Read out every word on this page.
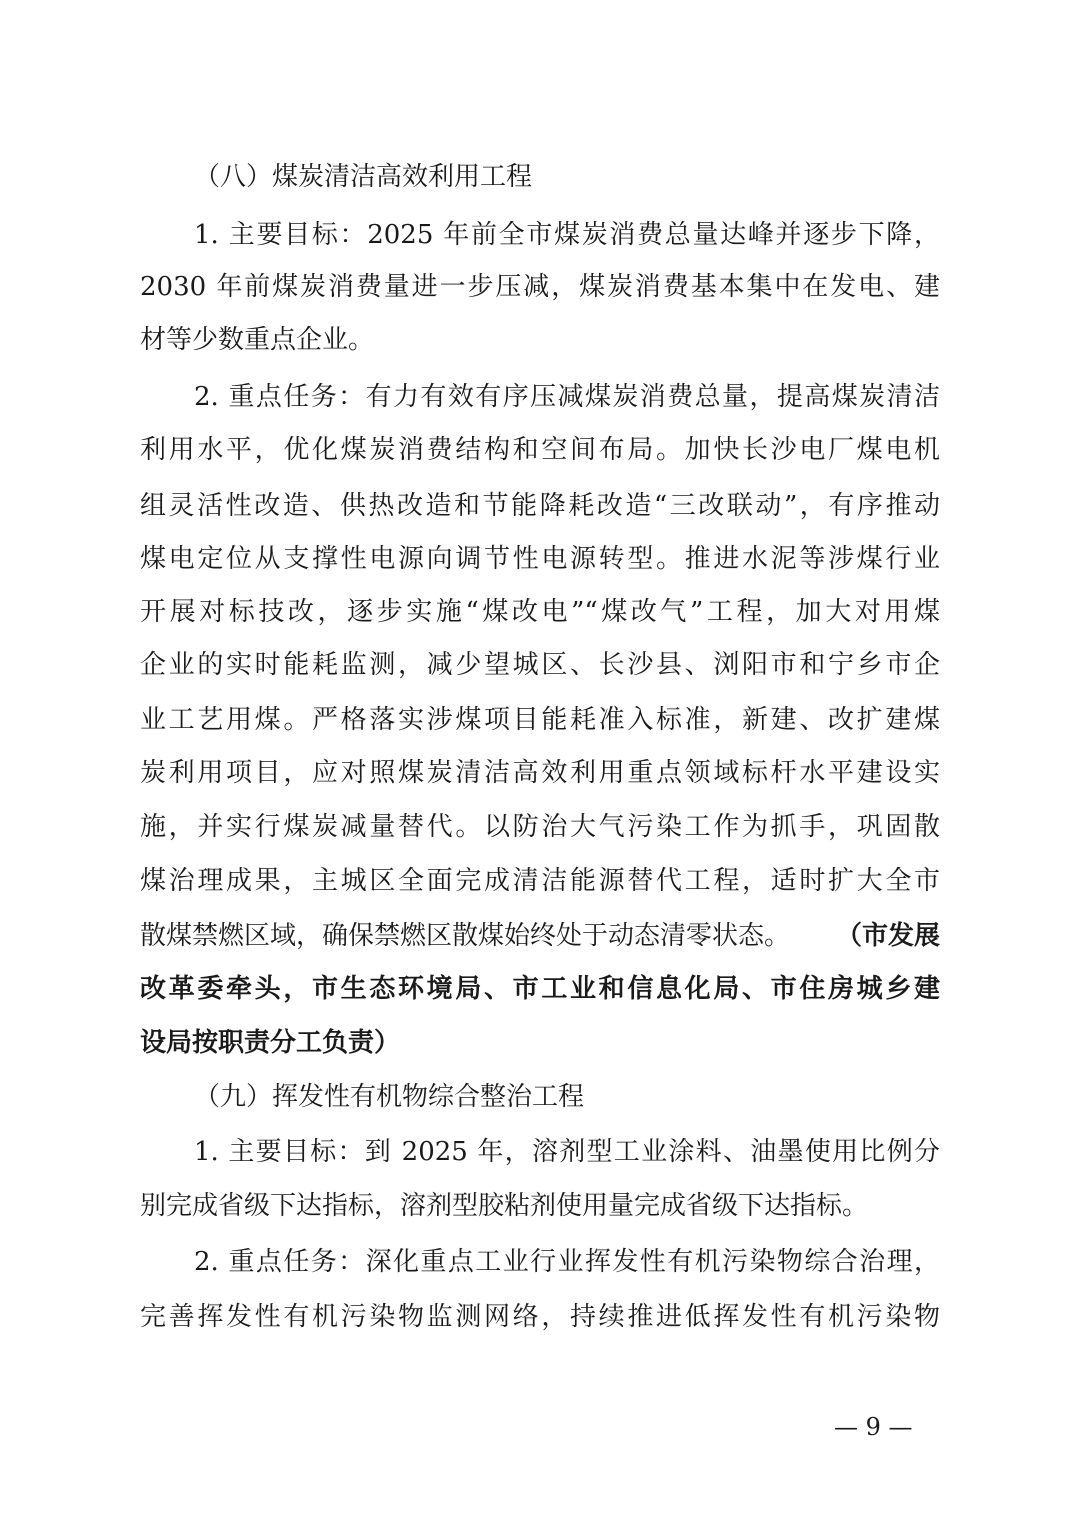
（八）煤炭清洁高效利用工程
1. 主要目标：2025 年前全市煤炭消费总量达峰并逐步下降，
2030 年前煤炭消费量进一步压减，煤炭消费基本集中在发电、建
材等少数重点企业。
2. 重点任务：有力有效有序压减煤炭消费总量，提高煤炭清洁
利用水平，优化煤炭消费结构和空间布局。加快长沙电厂煤电机
组灵活性改造、供热改造和节能降耗改造“三改联动”，有序推动
煤电定位从支撑性电源向调节性电源转型。推进水泥等涉煤行业
开展对标技改，逐步实施“煤改电”“煤改气”工程，加大对用煤
企业的实时能耗监测，减少望城区、长沙县、浏阳市和宁乡市企
业工艺用煤。严格落实涉煤项目能耗准入标准，新建、改扩建煤
炭利用项目，应对照煤炭清洁高效利用重点领域标杆水平建设实
施，并实行煤炭减量替代。以防治大气污染工作为抓手，巩固散
煤治理成果，主城区全面完成清洁能源替代工程，适时扩大全市
散煤禁燃区域，确保禁燃区散煤始终处于动态清零状态。 （市发展
改革委牵头，市生态环境局、市工业和信息化局、市住房城乡建
设局按职责分工负责）
（九）挥发性有机物综合整治工程
1. 主要目标：到 2025 年，溶剂型工业涂料、油墨使用比例分
别完成省级下达指标，溶剂型胶粘剂使用量完成省级下达指标。
2. 重点任务：深化重点工业行业挥发性有机污染物综合治理，
完善挥发性有机污染物监测网络，持续推进低挥发性有机污染物
— 9 —
